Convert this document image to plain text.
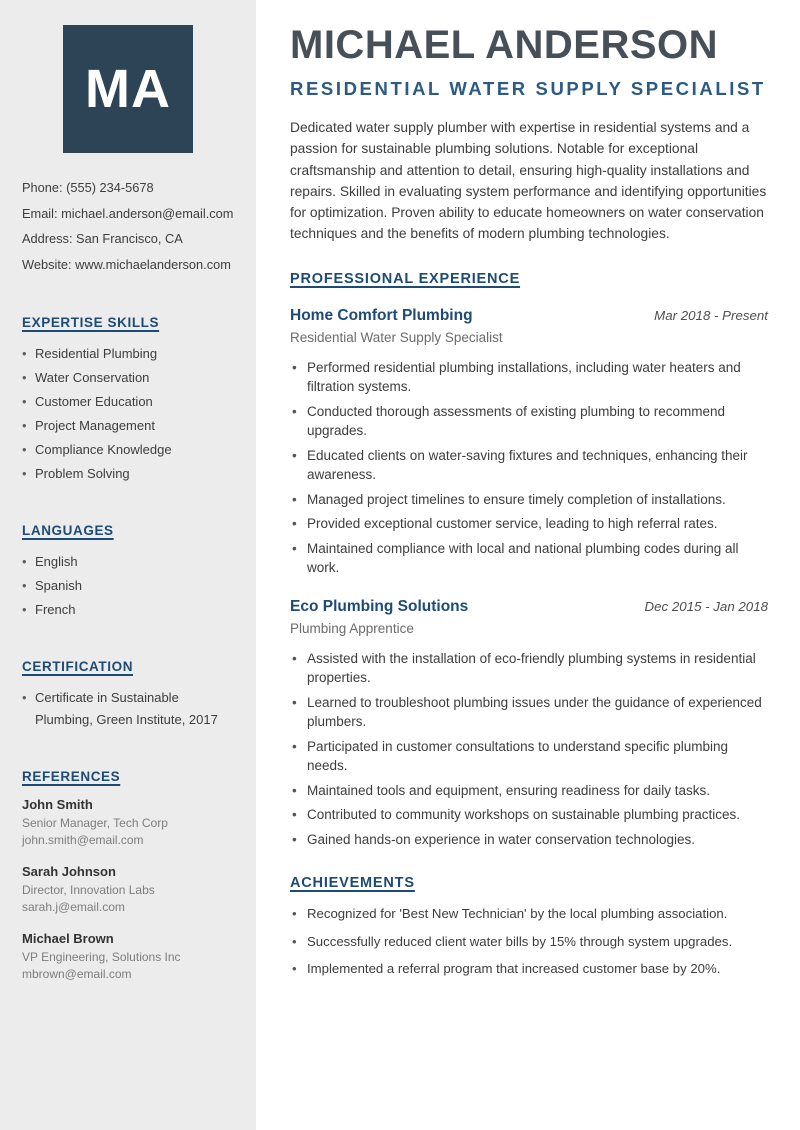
MA
Phone: (555) 234-5678
Email: michael.anderson@email.com
Address: San Francisco, CA
Website: www.michaelanderson.com
EXPERTISE SKILLS
• Residential Plumbing
• Water Conservation
• Customer Education
• Project Management
• Compliance Knowledge
• Problem Solving
LANGUAGES
• English
• Spanish
• French
CERTIFICATION
• Certificate in Sustainable Plumbing, Green Institute, 2017
REFERENCES
John Smith
Senior Manager, Tech Corp
john.smith@email.com
Sarah Johnson
Director, Innovation Labs
sarah.j@email.com
Michael Brown
VP Engineering, Solutions Inc
mbrown@email.com
MICHAEL ANDERSON
RESIDENTIAL WATER SUPPLY SPECIALIST

Dedicated water supply plumber with expertise in residential systems and a passion for sustainable plumbing solutions. Notable for exceptional craftsmanship and attention to detail, ensuring high-quality installations and repairs. Skilled in evaluating system performance and identifying opportunities for optimization. Proven ability to educate homeowners on water conservation techniques and the benefits of modern plumbing technologies.

PROFESSIONAL EXPERIENCE
Home Comfort Plumbing	Mar 2018 - Present
Residential Water Supply Specialist
• Performed residential plumbing installations, including water heaters and filtration systems.
• Conducted thorough assessments of existing plumbing to recommend upgrades.
• Educated clients on water-saving fixtures and techniques, enhancing their awareness.
• Managed project timelines to ensure timely completion of installations.
• Provided exceptional customer service, leading to high referral rates.
• Maintained compliance with local and national plumbing codes during all work.
Eco Plumbing Solutions	Dec 2015 - Jan 2018
Plumbing Apprentice
• Assisted with the installation of eco-friendly plumbing systems in residential properties.
• Learned to troubleshoot plumbing issues under the guidance of experienced plumbers.
• Participated in customer consultations to understand specific plumbing needs.
• Maintained tools and equipment, ensuring readiness for daily tasks.
• Contributed to community workshops on sustainable plumbing practices.
• Gained hands-on experience in water conservation technologies.
ACHIEVEMENTS
• Recognized for 'Best New Technician' by the local plumbing association.
• Successfully reduced client water bills by 15% through system upgrades.
• Implemented a referral program that increased customer base by 20%.
